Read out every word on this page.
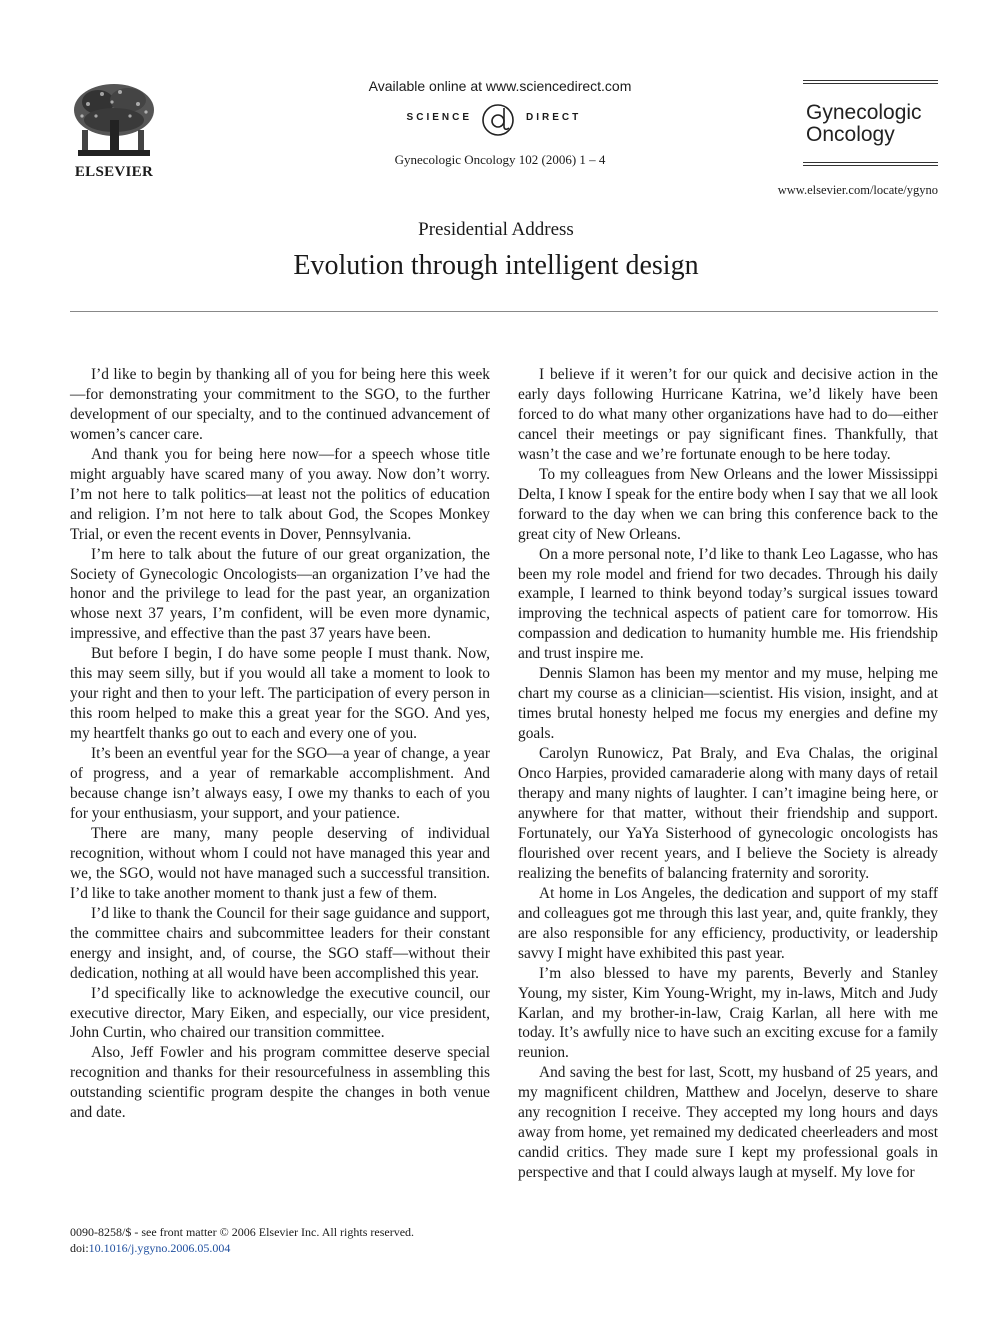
ELSEVIER

Available online at www.sciencedirect.com

SCIENCE	DIRECT
Gynecologic Oncology 102 (2006) 1 – 4
Gynecologic
Oncology
www.elsevier.com/locate/ygyno
Presidential Address
Evolution through intelligent design

I’d like to begin by thanking all of you for being here this week—for demonstrating your commitment to the SGO, to the further development of our specialty, and to the continued advancement of women’s cancer care.

And thank you for being here now—for a speech whose title might arguably have scared many of you away. Now don’t worry. I’m not here to talk politics—at least not the politics of education and religion. I’m not here to talk about God, the Scopes Monkey Trial, or even the recent events in Dover, Pennsylvania.

I’m here to talk about the future of our great organization, the Society of Gynecologic Oncologists—an organization I’ve had the honor and the privilege to lead for the past year, an organization whose next 37 years, I’m confident, will be even more dynamic, impressive, and effective than the past 37 years have been.

But before I begin, I do have some people I must thank. Now, this may seem silly, but if you would all take a moment to look to your right and then to your left. The participation of every person in this room helped to make this a great year for the SGO. And yes, my heartfelt thanks go out to each and every one of you.

It’s been an eventful year for the SGO—a year of change, a year of progress, and a year of remarkable accomplishment. And because change isn’t always easy, I owe my thanks to each of you for your enthusiasm, your support, and your patience.

There are many, many people deserving of individual recognition, without whom I could not have managed this year and we, the SGO, would not have managed such a successful transition. I’d like to take another moment to thank just a few of them.

I’d like to thank the Council for their sage guidance and support, the committee chairs and subcommittee leaders for their constant energy and insight, and, of course, the SGO staff—without their dedication, nothing at all would have been accomplished this year.

I’d specifically like to acknowledge the executive council, our executive director, Mary Eiken, and especially, our vice president, John Curtin, who chaired our transition committee.

Also, Jeff Fowler and his program committee deserve special recognition and thanks for their resourcefulness in assembling this outstanding scientific program despite the changes in both venue and date.

I believe if it weren’t for our quick and decisive action in the early days following Hurricane Katrina, we’d likely have been forced to do what many other organizations have had to do—either cancel their meetings or pay significant fines. Thankfully, that wasn’t the case and we’re fortunate enough to be here today.

To my colleagues from New Orleans and the lower Mississippi Delta, I know I speak for the entire body when I say that we all look forward to the day when we can bring this conference back to the great city of New Orleans.

On a more personal note, I’d like to thank Leo Lagasse, who has been my role model and friend for two decades. Through his daily example, I learned to think beyond today’s surgical issues toward improving the technical aspects of patient care for tomorrow. His compassion and dedication to humanity humble me. His friendship and trust inspire me.

Dennis Slamon has been my mentor and my muse, helping me chart my course as a clinician—scientist. His vision, insight, and at times brutal honesty helped me focus my energies and define my goals.

Carolyn Runowicz, Pat Braly, and Eva Chalas, the original Onco Harpies, provided camaraderie along with many days of retail therapy and many nights of laughter. I can’t imagine being here, or anywhere for that matter, without their friendship and support. Fortunately, our YaYa Sisterhood of gynecologic oncologists has flourished over recent years, and I believe the Society is already realizing the benefits of balancing fraternity and sorority.

At home in Los Angeles, the dedication and support of my staff and colleagues got me through this last year, and, quite frankly, they are also responsible for any efficiency, productivity, or leadership savvy I might have exhibited this past year.

I’m also blessed to have my parents, Beverly and Stanley Young, my sister, Kim Young-Wright, my in-laws, Mitch and Judy Karlan, and my brother-in-law, Craig Karlan, all here with me today. It’s awfully nice to have such an exciting excuse for a family reunion.

And saving the best for last, Scott, my husband of 25 years, and my magnificent children, Matthew and Jocelyn, deserve to share any recognition I receive. They accepted my long hours and days away from home, yet remained my dedicated cheerleaders and most candid critics. They made sure I kept my professional goals in perspective and that I could always laugh at myself. My love for

0090-8258/$ - see front matter © 2006 Elsevier Inc. All rights reserved.
doi:10.1016/j.ygyno.2006.05.004
